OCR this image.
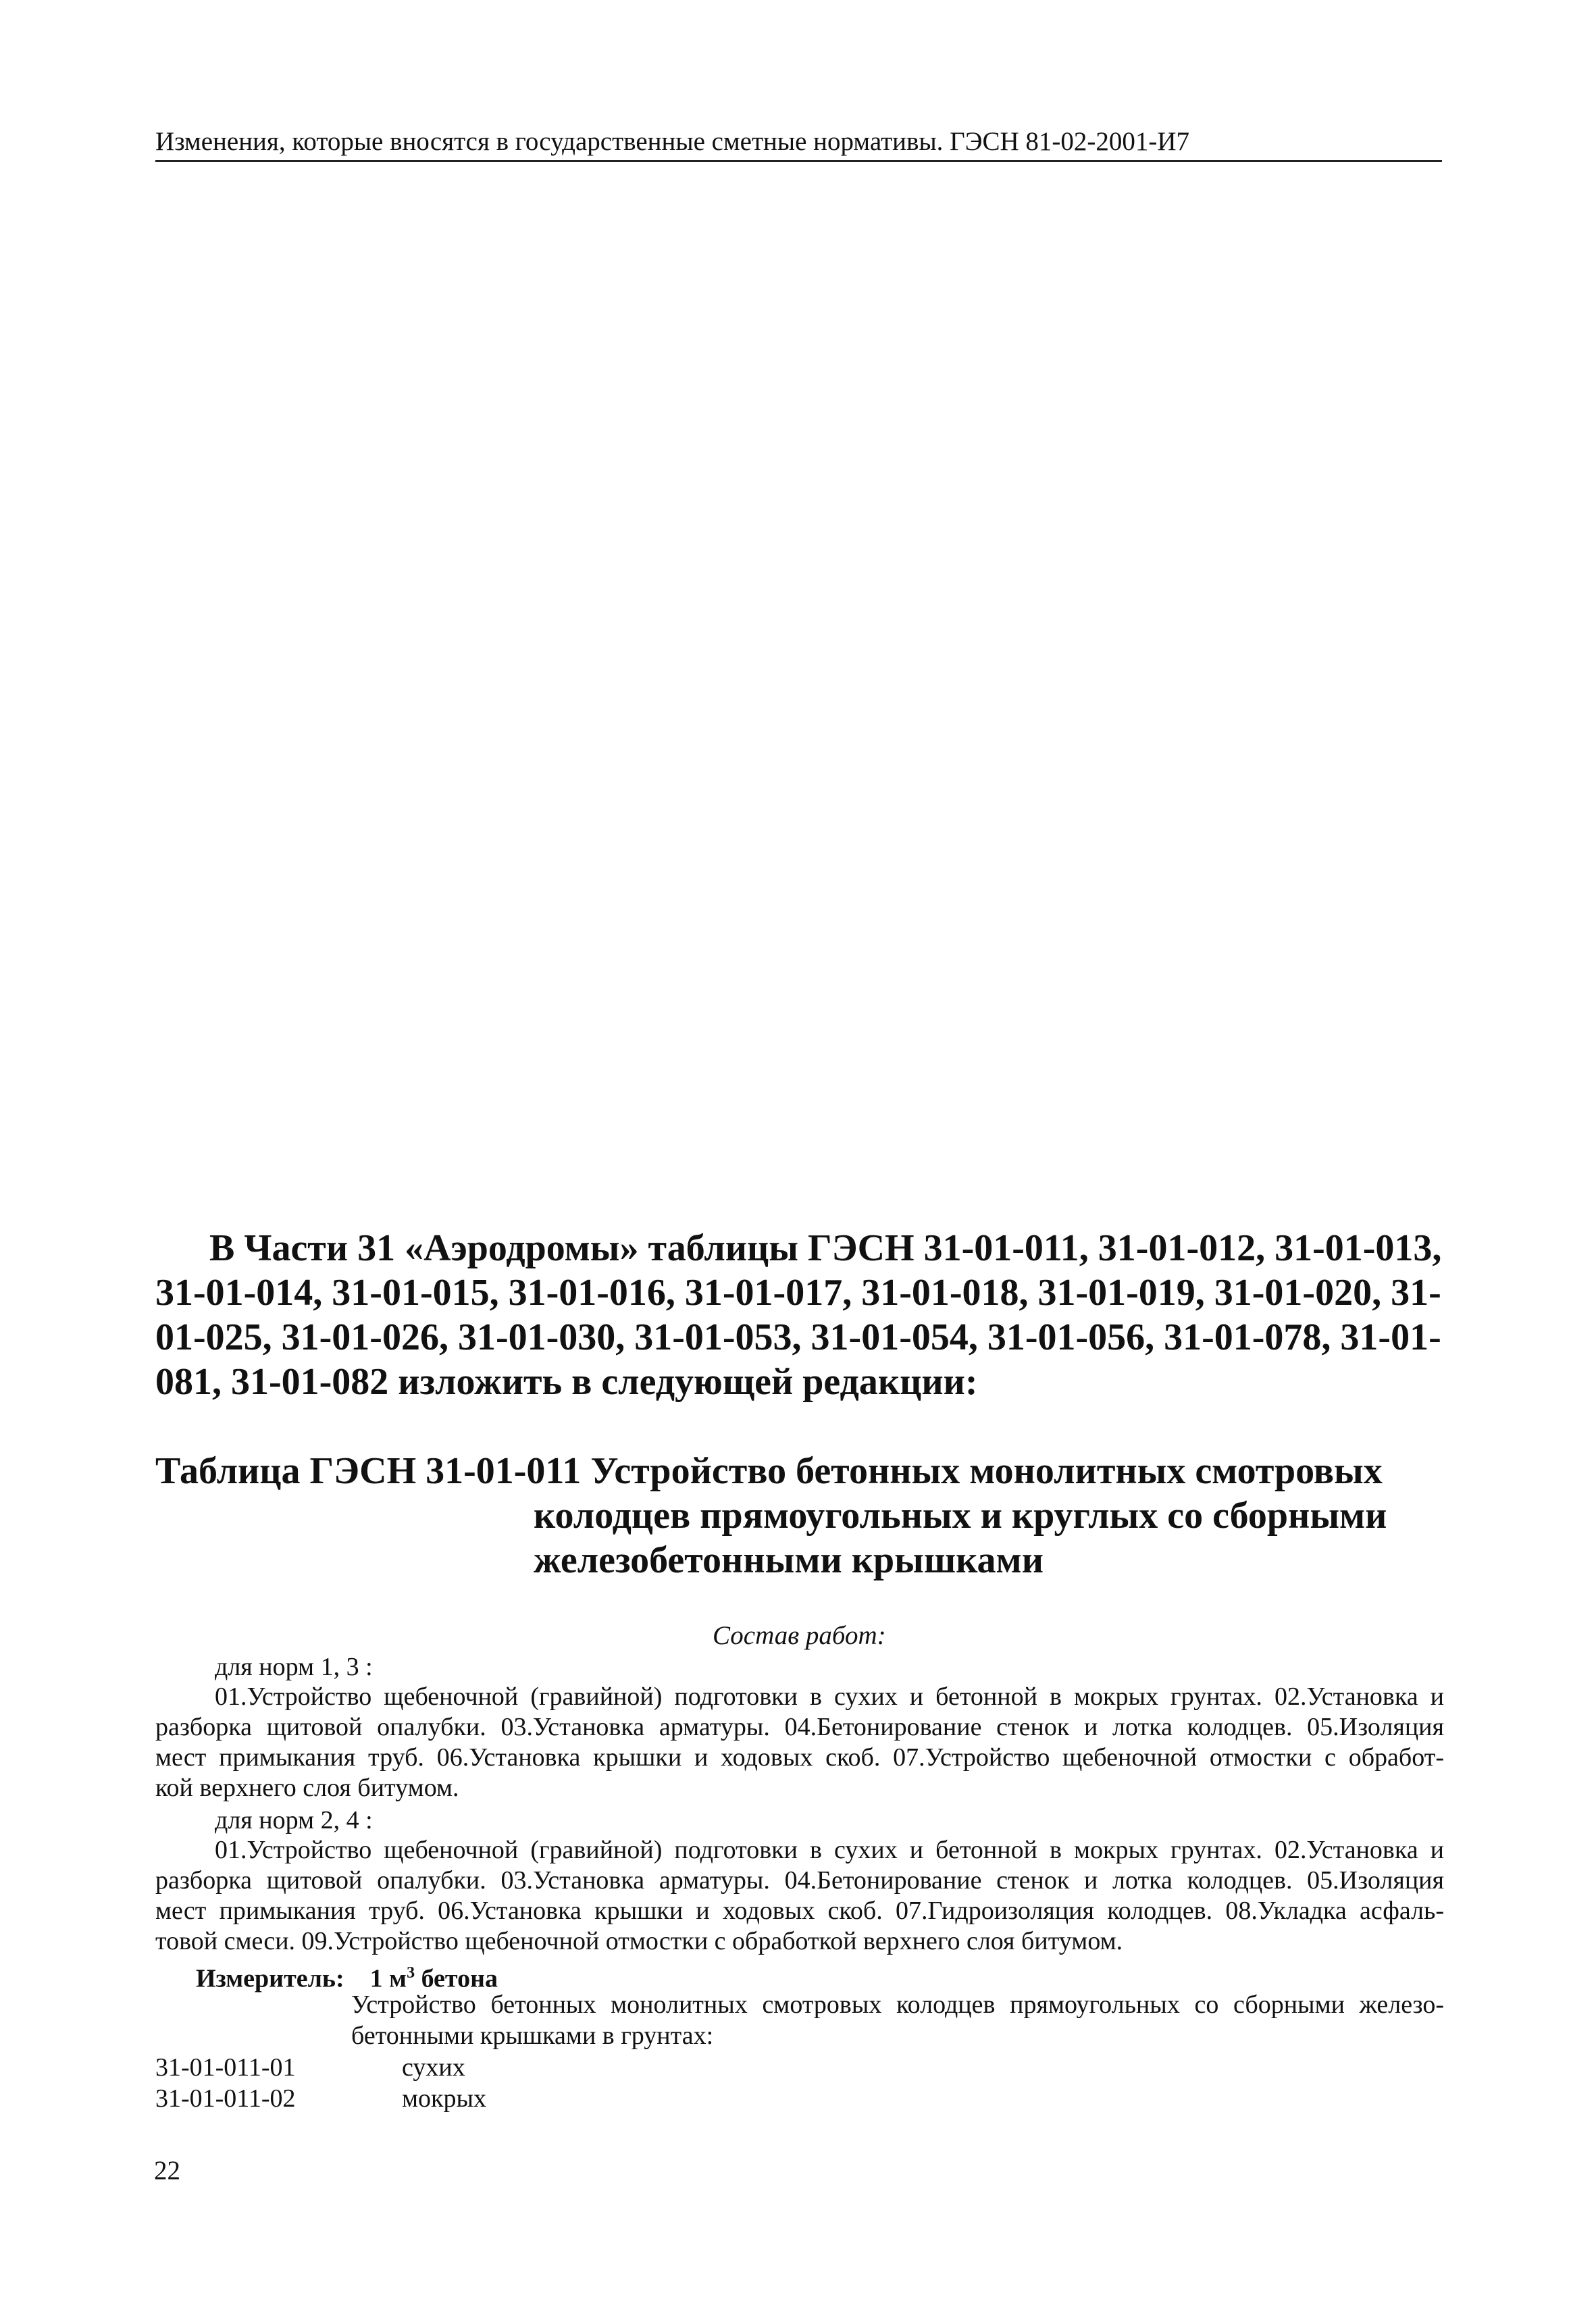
Изменения, которые вносятся в государственные сметные нормативы. ГЭСН 81-02-2001-И7
В Части 31 «Аэродромы» таблицы ГЭСН 31-01-011, 31-01-012, 31-01-013,
31-01-014, 31-01-015, 31-01-016, 31-01-017, 31-01-018, 31-01-019, 31-01-020, 31-
01-025, 31-01-026, 31-01-030, 31-01-053, 31-01-054, 31-01-056, 31-01-078, 31-01-
081, 31-01-082 изложить в следующей редакции:
Таблица ГЭСН 31-01-011 Устройство бетонных монолитных смотровых
колодцев прямоугольных и круглых со сборными
железобетонными крышками
Состав работ:
для норм 1, 3 :
01.Устройство щебеночной (гравийной) подготовки в сухих и бетонной в мокрых грунтах. 02.Установка и
разборка щитовой опалубки. 03.Установка арматуры. 04.Бетонирование стенок и лотка колодцев. 05.Изоляция
мест примыкания труб. 06.Установка крышки и ходовых скоб. 07.Устройство щебеночной отмостки с обработ-
кой верхнего слоя битумом.
для норм 2, 4 :
01.Устройство щебеночной (гравийной) подготовки в сухих и бетонной в мокрых грунтах. 02.Установка и
разборка щитовой опалубки. 03.Установка арматуры. 04.Бетонирование стенок и лотка колодцев. 05.Изоляция
мест примыкания труб. 06.Установка крышки и ходовых скоб. 07.Гидроизоляция колодцев. 08.Укладка асфаль-
товой смеси. 09.Устройство щебеночной отмостки с обработкой верхнего слоя битумом.
Измеритель: 1 $м^3$ бетона
Устройство бетонных монолитных смотровых колодцев прямоугольных со сборными железо-
бетонными крышками в грунтах:
31-01-011-01	сухих
31-01-011-02	мокрых
22
